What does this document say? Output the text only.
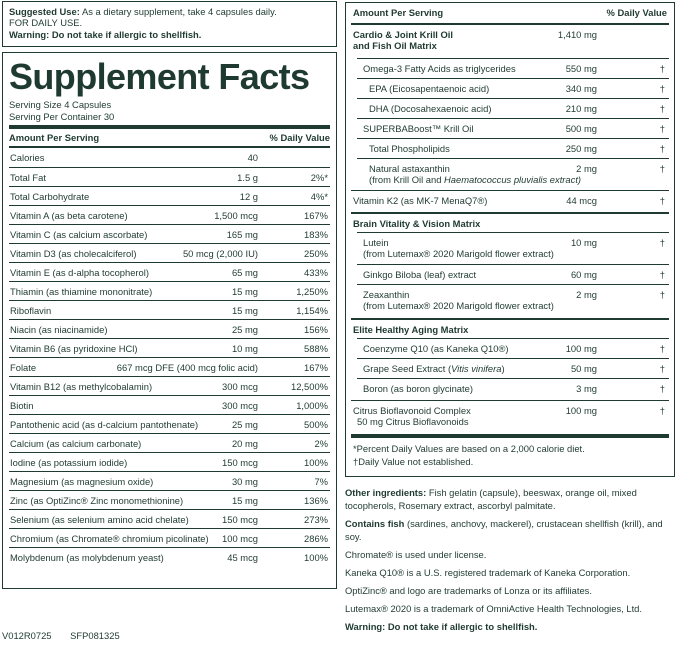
Suggested Use: As a dietary supplement, take 4 capsules daily.
FOR DAILY USE.
Warning: Do not take if allergic to shellfish.
Supplement Facts
Serving Size 4 Capsules
Serving Per Container 30
Amount Per Serving	% Daily Value
Calories	40
Total Fat	1.5 g	2%*
Total Carbohydrate	12 g	4%*
Vitamin A (as beta carotene)	1,500 mcg	167%
Vitamin C (as calcium ascorbate)	165 mg	183%
Vitamin D3 (as cholecalciferol)	50 mcg (2,000 IU)	250%
Vitamin E (as d-alpha tocopherol)	65 mg	433%
Thiamin (as thiamine mononitrate)	15 mg	1,250%
Riboflavin	15 mg	1,154%
Niacin (as niacinamide)	25 mg	156%
Vitamin B6 (as pyridoxine HCl)	10 mg	588%
Folate	667 mcg DFE (400 mcg folic acid)	167%
Vitamin B12 (as methylcobalamin)	300 mcg	12,500%
Biotin	300 mcg	1,000%
Pantothenic acid (as d-calcium pantothenate)	25 mg	500%
Calcium (as calcium carbonate)	20 mg	2%
Iodine (as potassium iodide)	150 mcg	100%
Magnesium (as magnesium oxide)	30 mg	7%
Zinc (as OptiZinc® Zinc monomethionine)	15 mg	136%
Selenium (as selenium amino acid chelate)	150 mcg	273%
Chromium (as Chromate® chromium picolinate) 100 mcg	286%
Molybdenum (as molybdenum yeast)	45 mcg	100%
V012R0725 SFP081325
Amount Per Serving	% Daily Value
Cardio & Joint Krill Oil
and Fish Oil Matrix
1,410 mg
Omega-3 Fatty Acids as triglycerides	550 mg	†
EPA (Eicosapentaenoic acid)	340 mg	†
DHA (Docosahexaenoic acid)	210 mg	†
SUPERBABoost™ Krill Oil	500 mg	†
Total Phospholipids	250 mg	†
Natural astaxanthin
(from Krill Oil and Haematococcus pluvialis extract)
2 mg	†
Vitamin K2 (as MK-7 MenaQ7®)	44 mcg	†
Brain Vitality & Vision Matrix
Lutein
(from Lutemax® 2020 Marigold flower extract)
10 mg	†
Ginkgo Biloba (leaf) extract	60 mg	†
Zeaxanthin
(from Lutemax® 2020 Marigold flower extract)
2 mg	†
Elite Healthy Aging Matrix
Coenzyme Q10 (as Kaneka Q10®)	100 mg	†
Grape Seed Extract (Vitis vinifera)	50 mg	†
Boron (as boron glycinate)	3 mg	†
Citrus Bioflavonoid Complex
50 mg Citrus Bioflavonoids
100 mg	†
*Percent Daily Values are based on a 2,000 calorie diet.
†Daily Value not established.

Other ingredients: Fish gelatin (capsule), beeswax, orange oil, mixed tocopherols, Rosemary extract, ascorbyl palmitate.

Contains fish (sardines, anchovy, mackerel), crustacean shellfish (krill), and soy.

Chromate® is used under license.

Kaneka Q10® is a U.S. registered trademark of Kaneka Corporation.

OptiZinc® and logo are trademarks of Lonza or its affiliates.

Lutemax® 2020 is a trademark of OmniActive Health Technologies, Ltd.

Warning: Do not take if allergic to shellfish.
